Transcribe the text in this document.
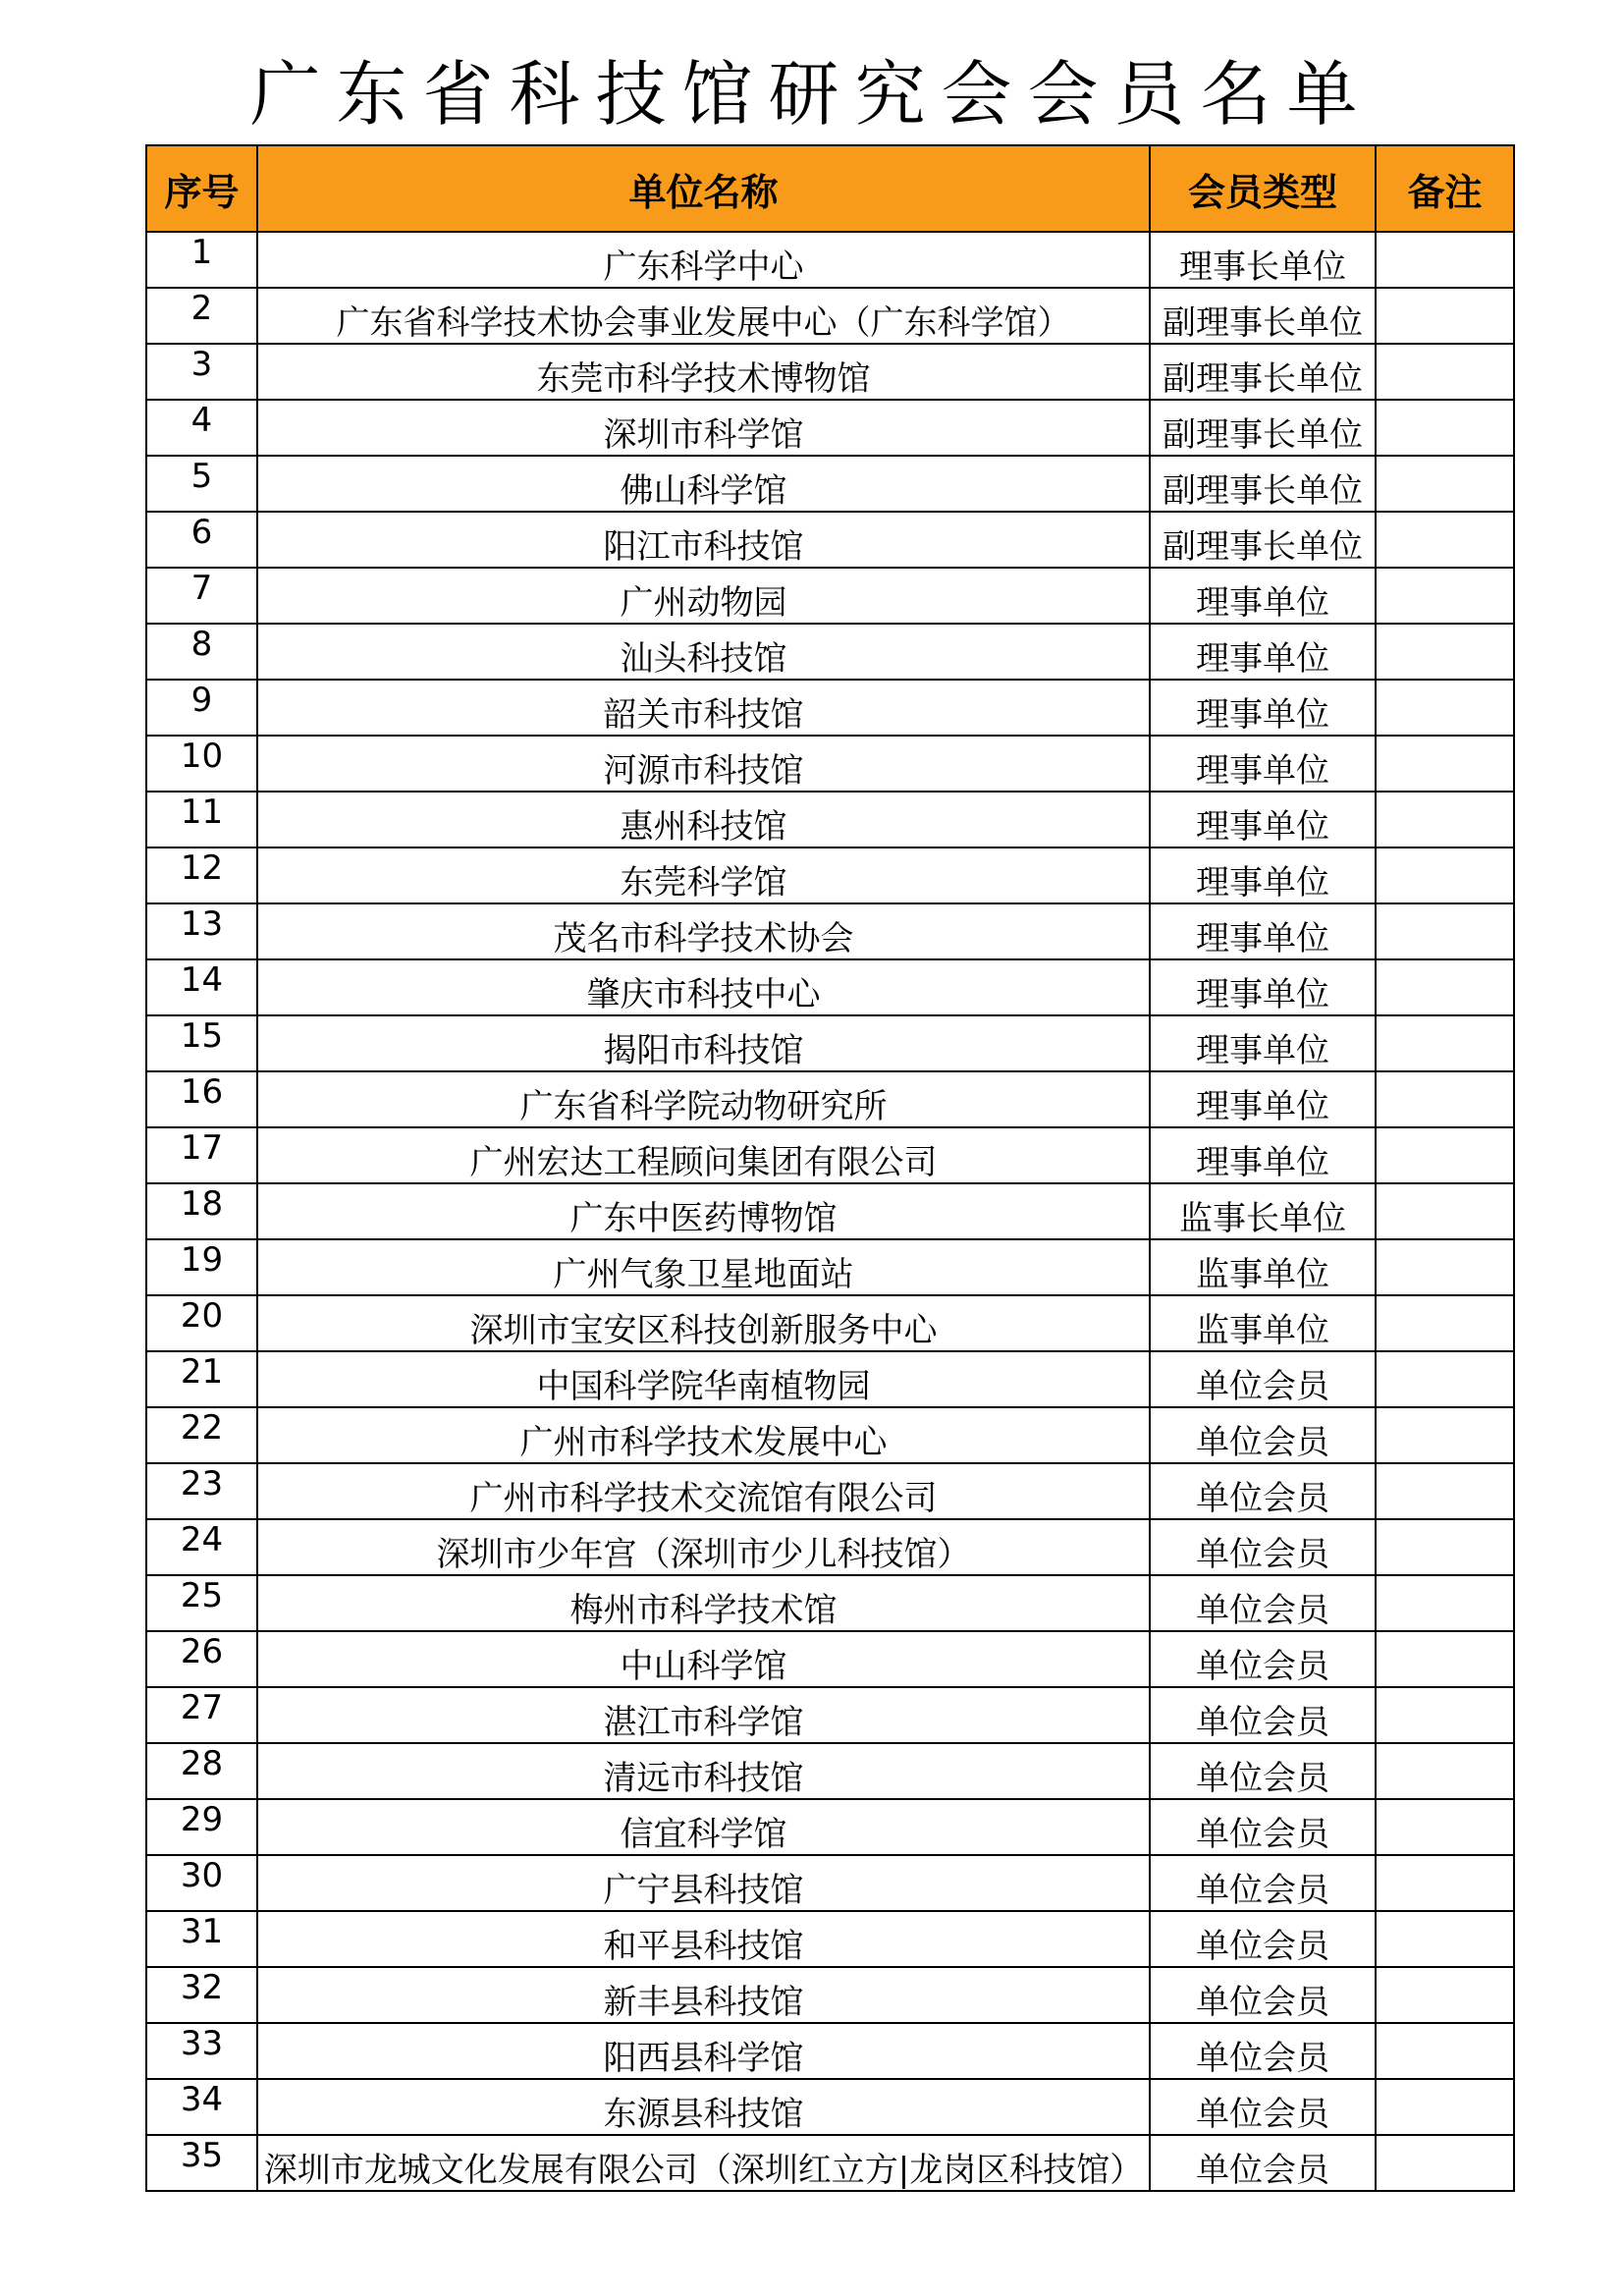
广东省科技馆研究会会员名单
序号	单位名称	会员类型	备注
1	广东科学中心	理事长单位	
2	广东省科学技术协会事业发展中心（广东科学馆）	副理事长单位	
3	东莞市科学技术博物馆	副理事长单位	
4	深圳市科学馆	副理事长单位	
5	佛山科学馆	副理事长单位	
6	阳江市科技馆	副理事长单位	
7	广州动物园	理事单位	
8	汕头科技馆	理事单位	
9	韶关市科技馆	理事单位	
10	河源市科技馆	理事单位	
11	惠州科技馆	理事单位	
12	东莞科学馆	理事单位	
13	茂名市科学技术协会	理事单位	
14	肇庆市科技中心	理事单位	
15	揭阳市科技馆	理事单位	
16	广东省科学院动物研究所	理事单位	
17	广州宏达工程顾问集团有限公司	理事单位	
18	广东中医药博物馆	监事长单位	
19	广州气象卫星地面站	监事单位	
20	深圳市宝安区科技创新服务中心	监事单位	
21	中国科学院华南植物园	单位会员	
22	广州市科学技术发展中心	单位会员	
23	广州市科学技术交流馆有限公司	单位会员	
24	深圳市少年宫（深圳市少儿科技馆）	单位会员	
25	梅州市科学技术馆	单位会员	
26	中山科学馆	单位会员	
27	湛江市科学馆	单位会员	
28	清远市科技馆	单位会员	
29	信宜科学馆	单位会员	
30	广宁县科技馆	单位会员	
31	和平县科技馆	单位会员	
32	新丰县科技馆	单位会员	
33	阳西县科学馆	单位会员	
34	东源县科技馆	单位会员	
35	深圳市龙城文化发展有限公司（深圳红立方|龙岗区科技馆）	单位会员	
